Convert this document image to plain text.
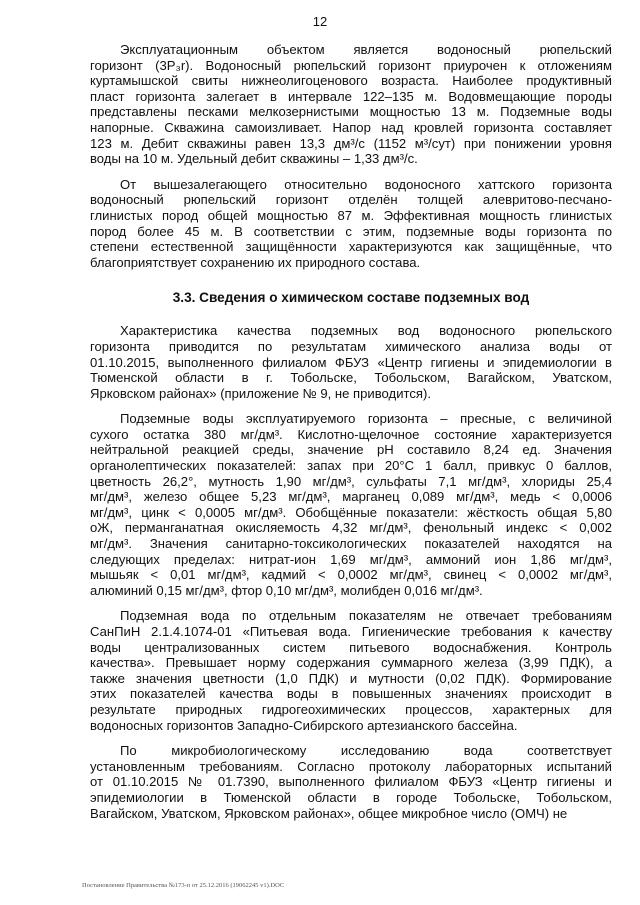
12
Эксплуатационным объектом является водоносный рюпельский
горизонт (3P₃r). Водоносный рюпельский горизонт приурочен к отложениям
куртамышской свиты нижнеолигоценового возраста. Наиболее продуктивный
пласт горизонта залегает в интервале 122–135 м. Водовмещающие породы
представлены песками мелкозернистыми мощностью 13 м. Подземные воды
напорные. Скважина самоизливает. Напор над кровлей горизонта составляет
123 м. Дебит скважины равен 13,3 дм³/с (1152 м³/сут) при понижении уровня
воды на 10 м. Удельный дебит скважины – 1,33 дм³/с.
От вышезалегающего относительно водоносного хаттского горизонта
водоносный рюпельский горизонт отделён толщей алевритово-песчано-
глинистых пород общей мощностью 87 м. Эффективная мощность глинистых
пород более 45 м. В соответствии с этим, подземные воды горизонта по
степени естественной защищённости характеризуются как защищённые, что
благоприятствует сохранению их природного состава.
3.3. Сведения о химическом составе подземных вод
Характеристика качества подземных вод водоносного рюпельского
горизонта приводится по результатам химического анализа воды от
01.10.2015, выполненного филиалом ФБУЗ «Центр гигиены и эпидемиологии в
Тюменской области в г. Тобольске, Тобольском, Вагайском, Уватском,
Ярковском районах» (приложение № 9, не приводится).
Подземные воды эксплуатируемого горизонта – пресные, с величиной
сухого остатка 380 мг/дм³. Кислотно-щелочное состояние характеризуется
нейтральной реакцией среды, значение pH составило 8,24 ед. Значения
органолептических показателей: запах при 20°С 1 балл, привкус 0 баллов,
цветность 26,2°, мутность 1,90 мг/дм³, сульфаты 7,1 мг/дм³, хлориды 25,4
мг/дм³, железо общее 5,23 мг/дм³, марганец 0,089 мг/дм³, медь < 0,0006
мг/дм³, цинк < 0,0005 мг/дм³. Обобщённые показатели: жёсткость общая 5,80
оЖ, перманганатная окисляемость 4,32 мг/дм³, фенольный индекс < 0,002
мг/дм³. Значения санитарно-токсикологических показателей находятся на
следующих пределах: нитрат-ион 1,69 мг/дм³, аммоний ион 1,86 мг/дм³,
мышьяк < 0,01 мг/дм³, кадмий < 0,0002 мг/дм³, свинец < 0,0002 мг/дм³,
алюминий 0,15 мг/дм³, фтор 0,10 мг/дм³, молибден 0,016 мг/дм³.
Подземная вода по отдельным показателям не отвечает требованиям
СанПиН 2.1.4.1074-01 «Питьевая вода. Гигиенические требования к качеству
воды централизованных систем питьевого водоснабжения. Контроль
качества». Превышает норму содержания суммарного железа (3,99 ПДК), а
также значения цветности (1,0 ПДК) и мутности (0,02 ПДК). Формирование
этих показателей качества воды в повышенных значениях происходит в
результате природных гидрогеохимических процессов, характерных для
водоносных горизонтов Западно-Сибирского артезианского бассейна.
По микробиологическому исследованию вода соответствует
установленным требованиям. Согласно протоколу лабораторных испытаний
от 01.10.2015 № 01.7390, выполненного филиалом ФБУЗ «Центр гигиены и
эпидемиологии в Тюменской области в городе Тобольске, Тобольском,
Вагайском, Уватском, Ярковском районах», общее микробное число (ОМЧ) не
Постановление Правительства №173-п от 25.12.2016 (19062245 v1).DOC
